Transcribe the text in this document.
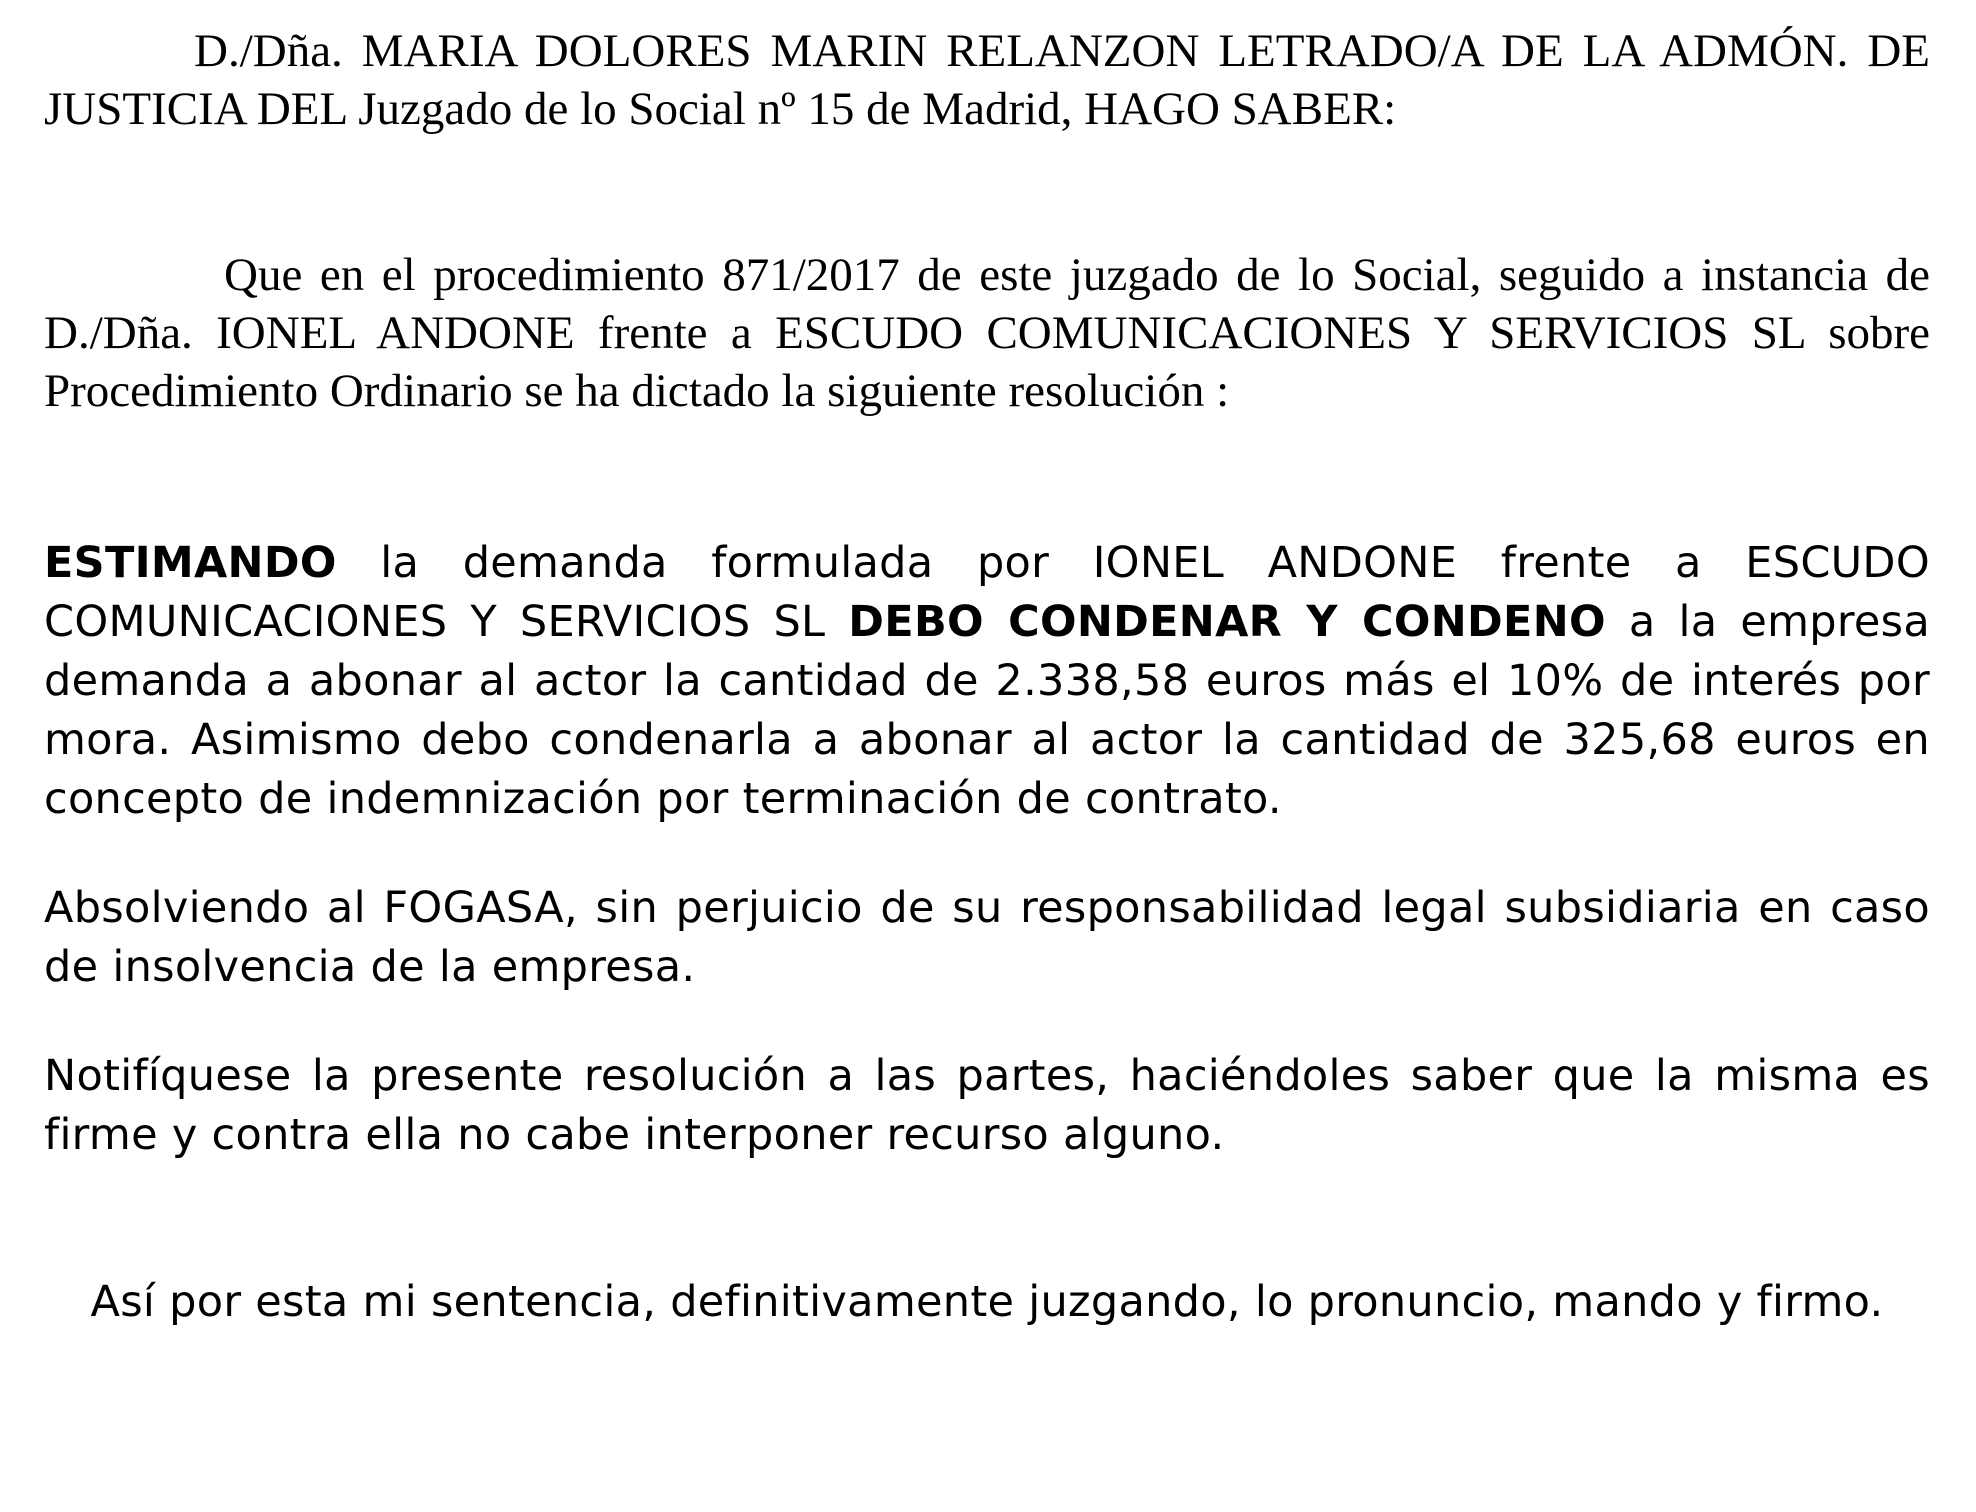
D./Dña. MARIA DOLORES MARIN RELANZON LETRADO/A DE LA ADMÓN. DE JUSTICIA DEL Juzgado de lo Social nº 15 de Madrid, HAGO SABER:

Que en el procedimiento 871/2017 de este juzgado de lo Social, seguido a instancia de D./Dña. IONEL ANDONE frente a ESCUDO COMUNICACIONES Y SERVICIOS SL sobre Procedimiento Ordinario se ha dictado la siguiente resolución :

ESTIMANDO la demanda formulada por IONEL ANDONE frente a ESCUDO COMUNICACIONES Y SERVICIOS SL DEBO CONDENAR Y CONDENO a la empresa demanda a abonar al actor la cantidad de 2.338,58 euros más el 10% de interés por mora. Asimismo debo condenarla a abonar al actor la cantidad de 325,68 euros en concepto de indemnización por terminación de contrato.

Absolviendo al FOGASA, sin perjuicio de su responsabilidad legal subsidiaria en caso de insolvencia de la empresa.

Notifíquese la presente resolución a las partes, haciéndoles saber que la misma es firme y contra ella no cabe interponer recurso alguno.

Así por esta mi sentencia, definitivamente juzgando, lo pronuncio, mando y firmo.
